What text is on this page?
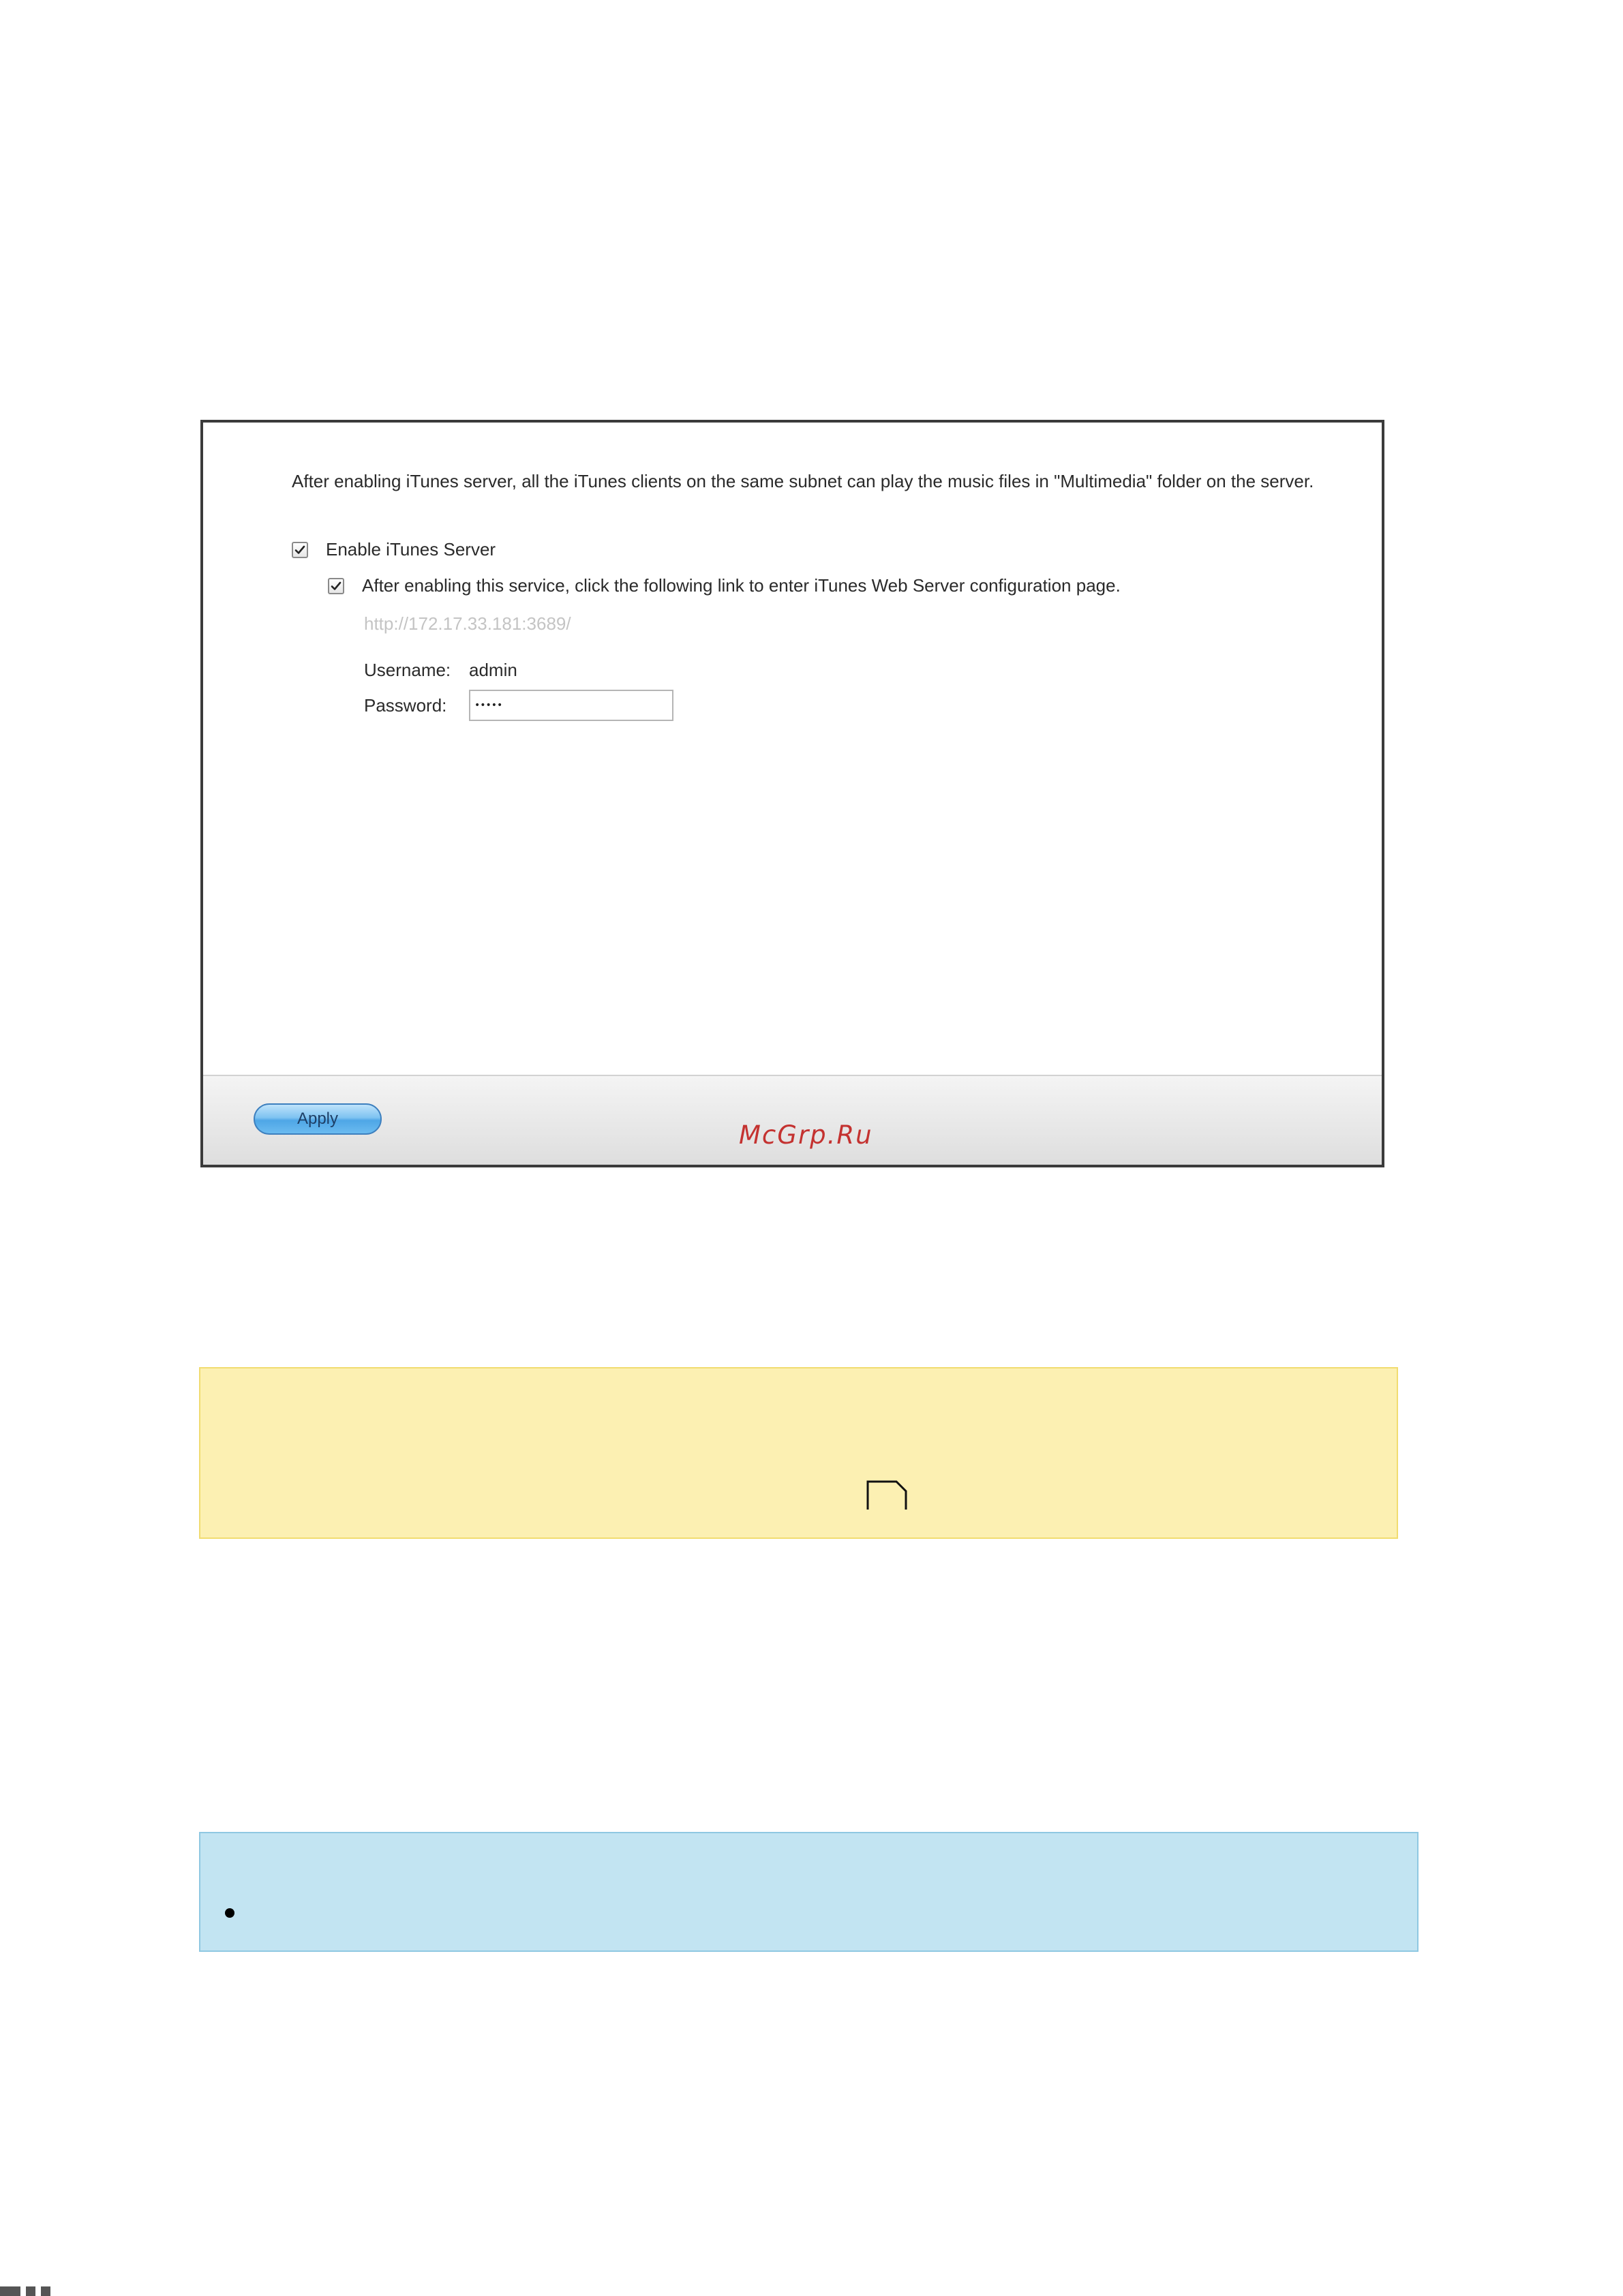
After enabling iTunes server, all the iTunes clients on the same subnet can play the music files in "Multimedia" folder on the server.

Enable iTunes Server
After enabling this service, click the following link to enter iTunes Web Server configuration page.
http://172.17.33.181:3689/
Username:	admin
Password:
Apply
McGrp.Ru
